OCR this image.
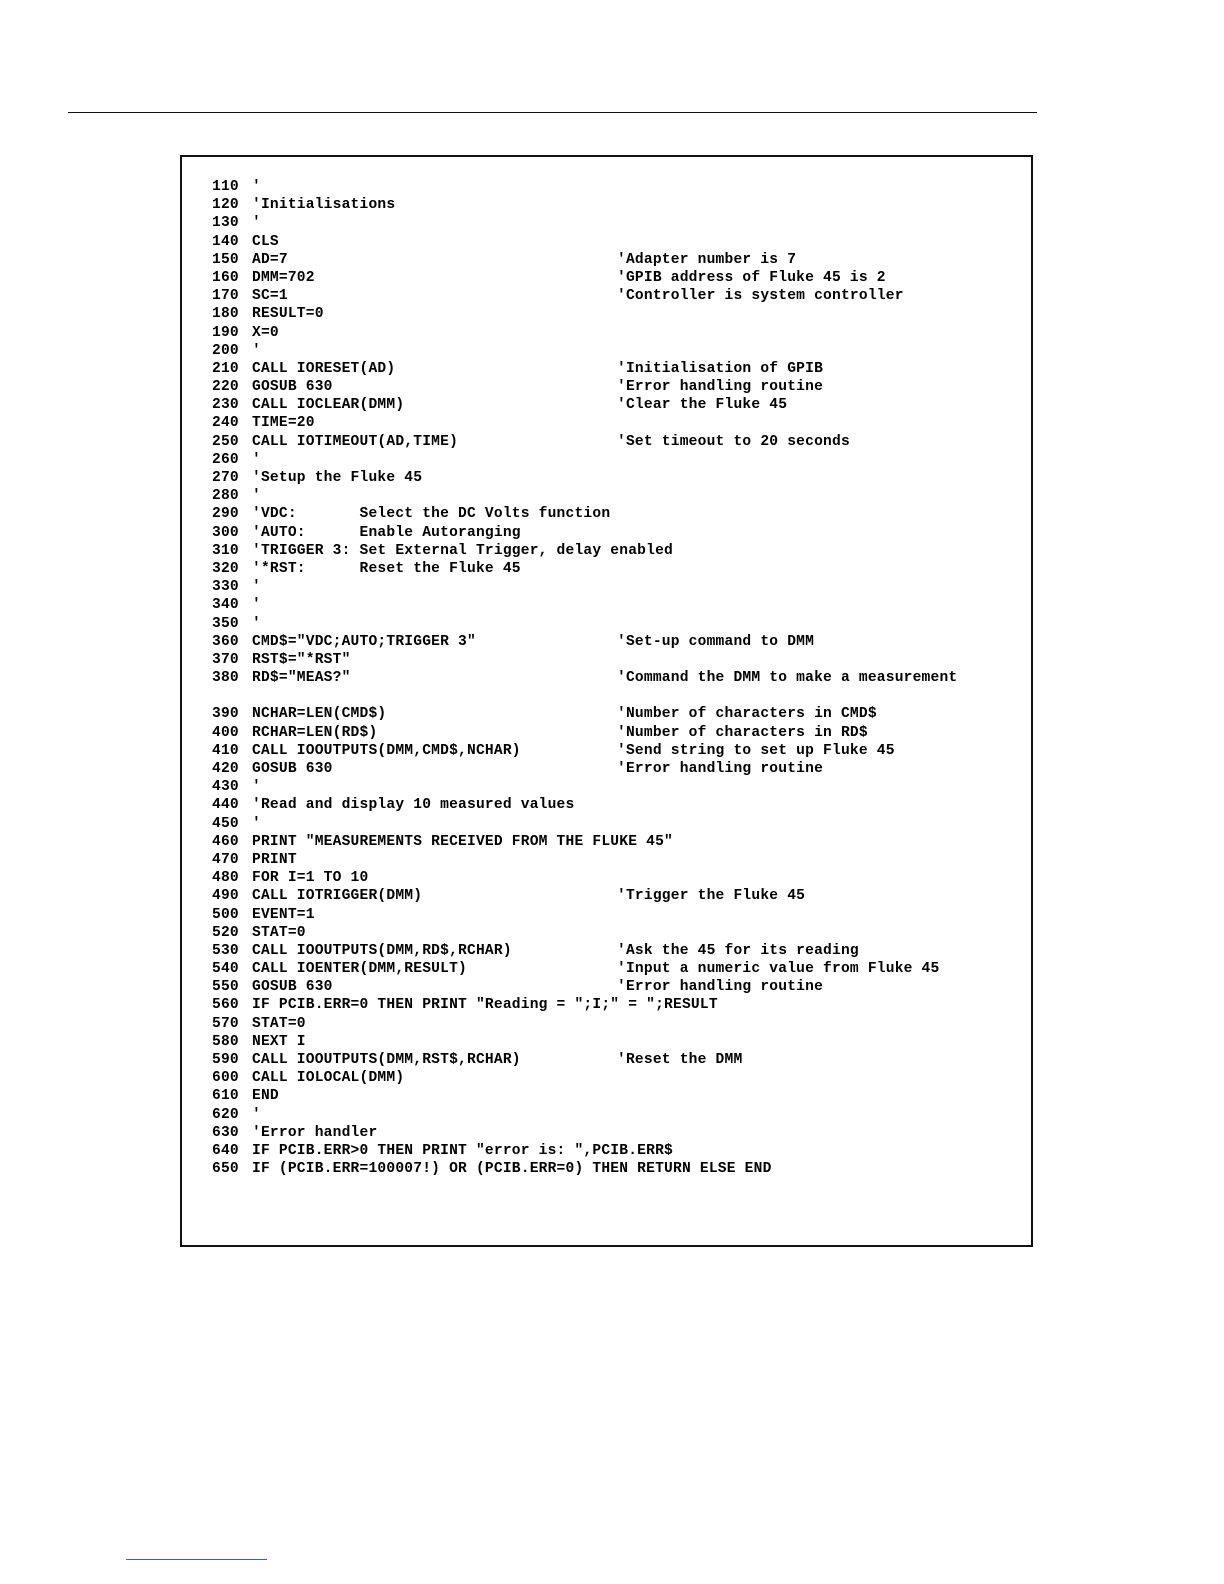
110 '
120 'Initialisations
130 '
140 CLS
150 AD=7	'Adapter number is 7
160 DMM=702	'GPIB address of Fluke 45 is 2
170 SC=1	'Controller is system controller
180 RESULT=0
190 X=0
200 '
210 CALL IORESET(AD)	'Initialisation of GPIB
220 GOSUB 630	'Error handling routine
230 CALL IOCLEAR(DMM)	'Clear the Fluke 45
240 TIME=20
250 CALL IOTIMEOUT(AD,TIME)	'Set timeout to 20 seconds
260 '
270 'Setup the Fluke 45
280 '
290 'VDC:       Select the DC Volts function
300 'AUTO:      Enable Autoranging
310 'TRIGGER 3: Set External Trigger, delay enabled
320 '*RST:      Reset the Fluke 45
330 '
340 '
350 '
360 CMD$="VDC;AUTO;TRIGGER 3"	'Set-up command to DMM
370 RST$="*RST"
380 RD$="MEAS?"	'Command the DMM to make a measurement
390 NCHAR=LEN(CMD$)	'Number of characters in CMD$
400 RCHAR=LEN(RD$)	'Number of characters in RD$
410 CALL IOOUTPUTS(DMM,CMD$,NCHAR)	'Send string to set up Fluke 45
420 GOSUB 630	'Error handling routine
430 '
440 'Read and display 10 measured values
450 '
460 PRINT "MEASUREMENTS RECEIVED FROM THE FLUKE 45"
470 PRINT
480 FOR I=1 TO 10
490 CALL IOTRIGGER(DMM)	'Trigger the Fluke 45
500 EVENT=1
520 STAT=0
530 CALL IOOUTPUTS(DMM,RD$,RCHAR)	'Ask the 45 for its reading
540 CALL IOENTER(DMM,RESULT)	'Input a numeric value from Fluke 45
550 GOSUB 630	'Error handling routine
560 IF PCIB.ERR=0 THEN PRINT "Reading = ";I;" = ";RESULT
570 STAT=0
580 NEXT I
590 CALL IOOUTPUTS(DMM,RST$,RCHAR)	'Reset the DMM
600 CALL IOLOCAL(DMM)
610 END
620 '
630 'Error handler
640 IF PCIB.ERR>0 THEN PRINT "error is: ",PCIB.ERR$
650 IF (PCIB.ERR=100007!) OR (PCIB.ERR=0) THEN RETURN ELSE END
